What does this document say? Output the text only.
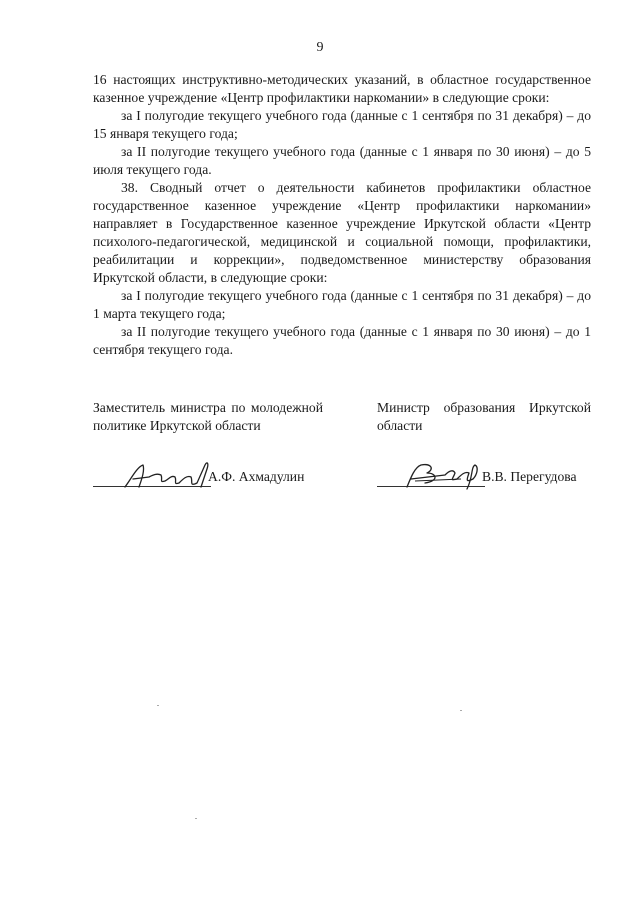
9

16 настоящих инструктивно-методических указаний, в областное государственное казенное учреждение «Центр профилактики наркомании» в следующие сроки:

за I полугодие текущего учебного года (данные с 1 сентября по 31 декабря) – до 15 января текущего года;

за II полугодие текущего учебного года (данные с 1 января по 30 июня) – до 5 июля текущего года.

38. Сводный отчет о деятельности кабинетов профилактики областное государственное казенное учреждение «Центр профилактики наркомании» направляет в Государственное казенное учреждение Иркутской области «Центр психолого-педагогической, медицинской и социальной помощи, профилактики, реабилитации и коррекции», подведомственное министерству образования Иркутской области, в следующие сроки:

за I полугодие текущего учебного года (данные с 1 сентября по 31 декабря) – до 1 марта текущего года;

за II полугодие текущего учебного года (данные с 1 января по 30 июня) – до 1 сентября текущего года.

Заместитель министра по молодежной политике Иркутской области
Министр образования Иркутской области
А.Ф. Ахмадулин	В.В. Перегудова
